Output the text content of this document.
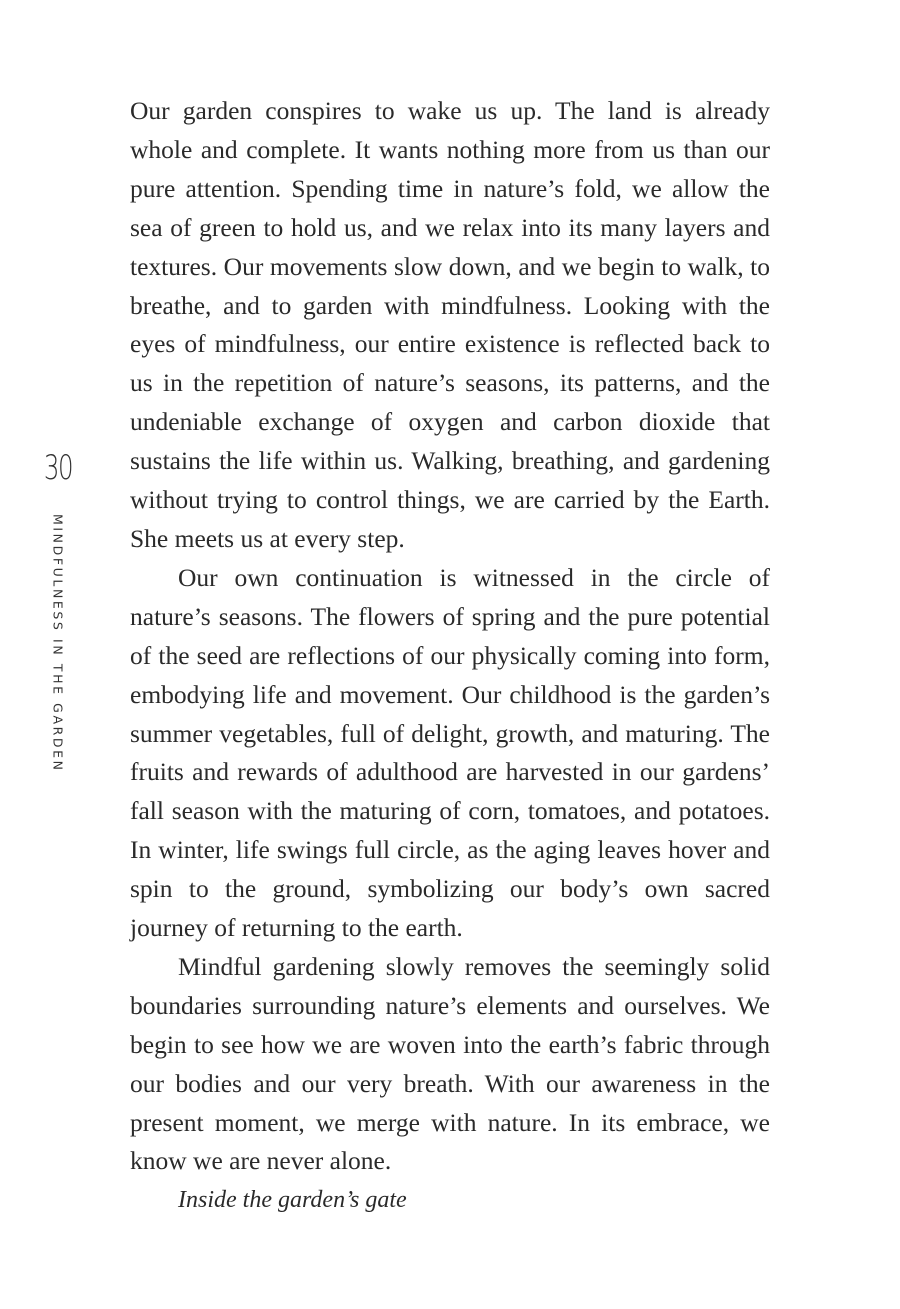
30
MINDFULNESS IN THE GARDEN

Our garden conspires to wake us up. The land is already whole and complete. It wants nothing more from us than our pure attention. Spending time in nature’s fold, we allow the sea of green to hold us, and we relax into its many layers and textures. Our movements slow down, and we begin to walk, to breathe, and to garden with mindfulness. Looking with the eyes of mindfulness, our entire existence is reflected back to us in the repetition of nature’s seasons, its patterns, and the undeniable exchange of oxygen and carbon dioxide that sustains the life within us. Walking, breathing, and gardening without trying to control things, we are carried by the Earth. She meets us at every step.

Our own continuation is witnessed in the circle of nature’s seasons. The flowers of spring and the pure potential of the seed are reflections of our physically coming into form, embodying life and movement. Our childhood is the garden’s summer vegetables, full of delight, growth, and maturing. The fruits and rewards of adulthood are harvested in our gardens’ fall season with the maturing of corn, tomatoes, and potatoes. In winter, life swings full circle, as the aging leaves hover and spin to the ground, symbolizing our body’s own sacred journey of returning to the earth.

Mindful gardening slowly removes the seemingly solid boundaries surrounding nature’s elements and ourselves. We begin to see how we are woven into the earth’s fabric through our bodies and our very breath. With our awareness in the present moment, we merge with nature. In its embrace, we know we are never alone.

Inside the garden’s gate
